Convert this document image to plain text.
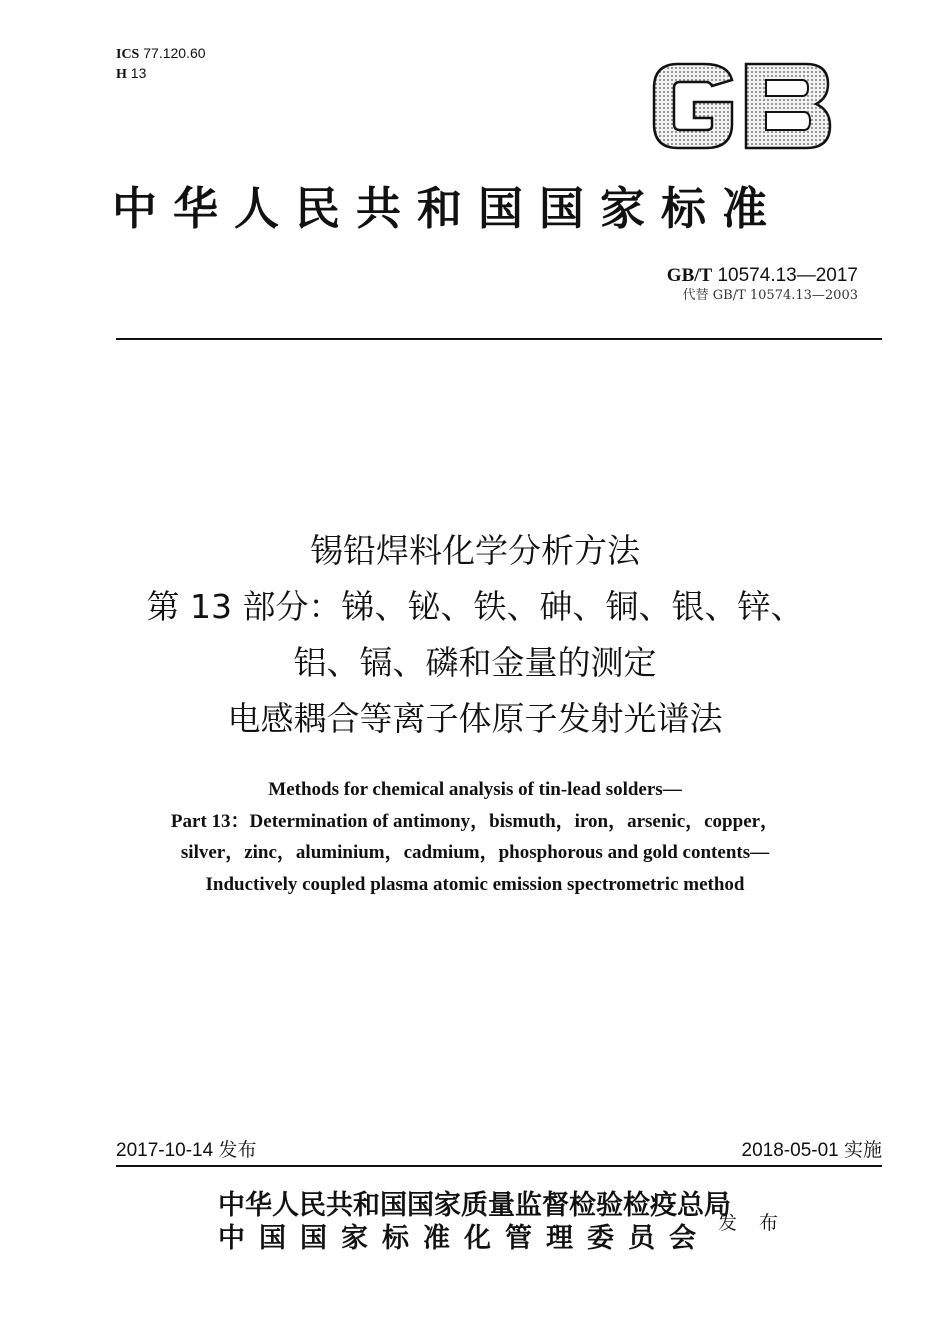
ICS 77.120.60
H 13
GB
中华人民共和国国家标准
GB/T 10574.13—2017
代替 GB/T 10574.13—2003
锡铅焊料化学分析方法
第 13 部分：锑、铋、铁、砷、铜、银、锌、
铝、镉、磷和金量的测定
电感耦合等离子体原子发射光谱法
Methods for chemical analysis of tin-lead solders—
Part 13：Determination of antimony，bismuth，iron，arsenic，copper，
silver，zinc，aluminium，cadmium，phosphorous and gold contents—
Inductively coupled plasma atomic emission spectrometric method
2017-10-14 发布	2018-05-01 实施
中华人民共和国国家质量监督检验检疫总局
中国国家标准化管理委员会 发 布
